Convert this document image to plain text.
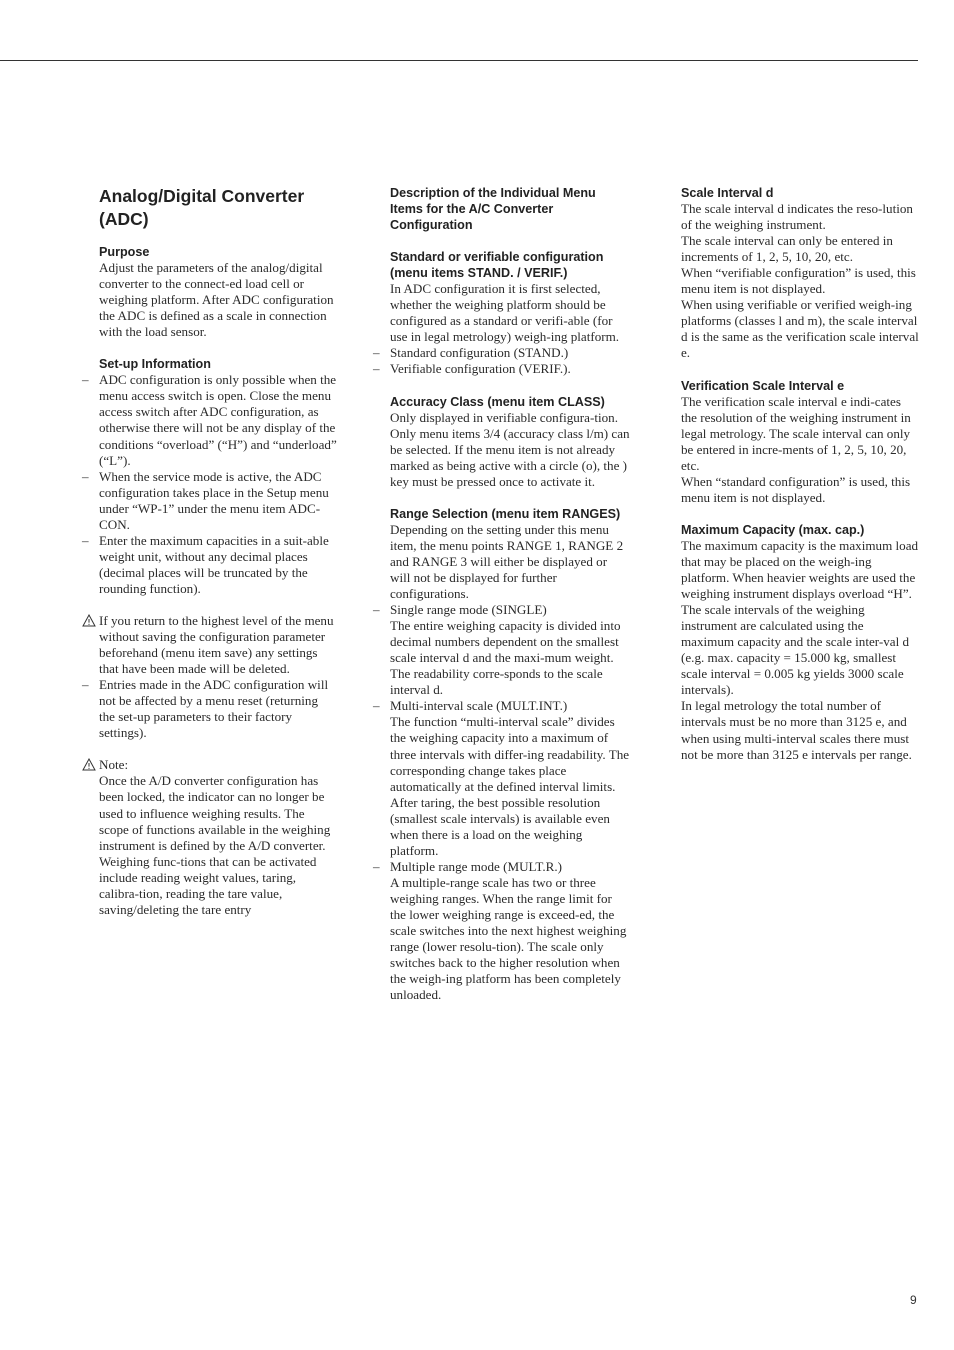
Analog/Digital Converter (ADC)
Purpose

Adjust the parameters of the analog/digital converter to the connect-ed load cell or weighing platform. After ADC configuration the ADC is defined as a scale in connection with the load sensor.

Set-up Information
– ADC configuration is only possible when the menu access switch is open. Close the menu access switch after ADC configuration, as otherwise there will not be any display of the conditions “overload” (“H”) and “underload” (“L”).
– When the service mode is active, the ADC configuration takes place in the Setup menu under “WP-1” under the menu item ADC-CON.
– Enter the maximum capacities in a suit-able weight unit, without any decimal places (decimal places will be truncated by the rounding function).
If you return to the highest level of the menu without saving the configuration parameter beforehand (menu item save) any settings that have been made will be deleted.
– Entries made in the ADC configuration will not be affected by a menu reset (returning the set-up parameters to their factory settings).
Note:

Once the A/D converter configuration has been locked, the indicator can no longer be used to influence weighing results. The scope of functions available in the weighing instrument is defined by the A/D converter. Weighing func-tions that can be activated include reading weight values, taring, calibra-tion, reading the tare value, saving/deleting the tare entry

Description of the Individual Menu Items for the A/C Converter Configuration
Standard or verifiable configuration (menu items STAND. / VERIF.)

In ADC configuration it is first selected, whether the weighing platform should be configured as a standard or verifi-able (for use in legal metrology) weigh-ing platform.

– Standard configuration (STAND.)
– Verifiable configuration (VERIF.).
Accuracy Class (menu item CLASS)

Only displayed in verifiable configura-tion.

Only menu items 3/4 (accuracy class l/m) can be selected. If the menu item is not already marked as being active with a circle (o), the ) key must be pressed once to activate it.

Range Selection (menu item RANGES)

Depending on the setting under this menu item, the menu points RANGE 1, RANGE 2 and RANGE 3 will either be displayed or will not be displayed for further configurations.

– Single range mode (SINGLE)
The entire weighing capacity is divided into decimal numbers dependent on the smallest scale interval d and the maxi-mum weight. The readability corre-sponds to the scale interval d.
– Multi-interval scale (MULT.INT.)
The function “multi-interval scale” divides the weighing capacity into a maximum of three intervals with differ-ing readability. The corresponding change takes place automatically at the defined interval limits. After taring, the best possible resolution (smallest scale intervals) is available even when there is a load on the weighing platform.
– Multiple range mode (MULT.R.)
A multiple-range scale has two or three weighing ranges. When the range limit for the lower weighing range is exceed-ed, the scale switches into the next highest weighing range (lower resolu-tion). The scale only switches back to the higher resolution when the weigh-ing platform has been completely unloaded.
Scale Interval d

The scale interval d indicates the reso-lution of the weighing instrument.

The scale interval can only be entered in increments of 1, 2, 5, 10, 20, etc.

When “verifiable configuration” is used, this menu item is not displayed.

When using verifiable or verified weigh-ing platforms (classes l and m), the scale interval d is the same as the verification scale interval e.

Verification Scale Interval e

The verification scale interval e indi-cates the resolution of the weighing instrument in legal metrology. The scale interval can only be entered in incre-ments of 1, 2, 5, 10, 20, etc.

When “standard configuration” is used, this menu item is not displayed.

Maximum Capacity (max. cap.)

The maximum capacity is the maximum load that may be placed on the weigh-ing platform. When heavier weights are used the weighing instrument displays overload “H”.

The scale intervals of the weighing instrument are calculated using the maximum capacity and the scale inter-val d (e.g. max. capacity = 15.000 kg, smallest scale interval = 0.005 kg yields 3000 scale intervals).

In legal metrology the total number of intervals must be no more than 3125 e, and when using multi-interval scales there must not be more than 3125 e intervals per range.

9
